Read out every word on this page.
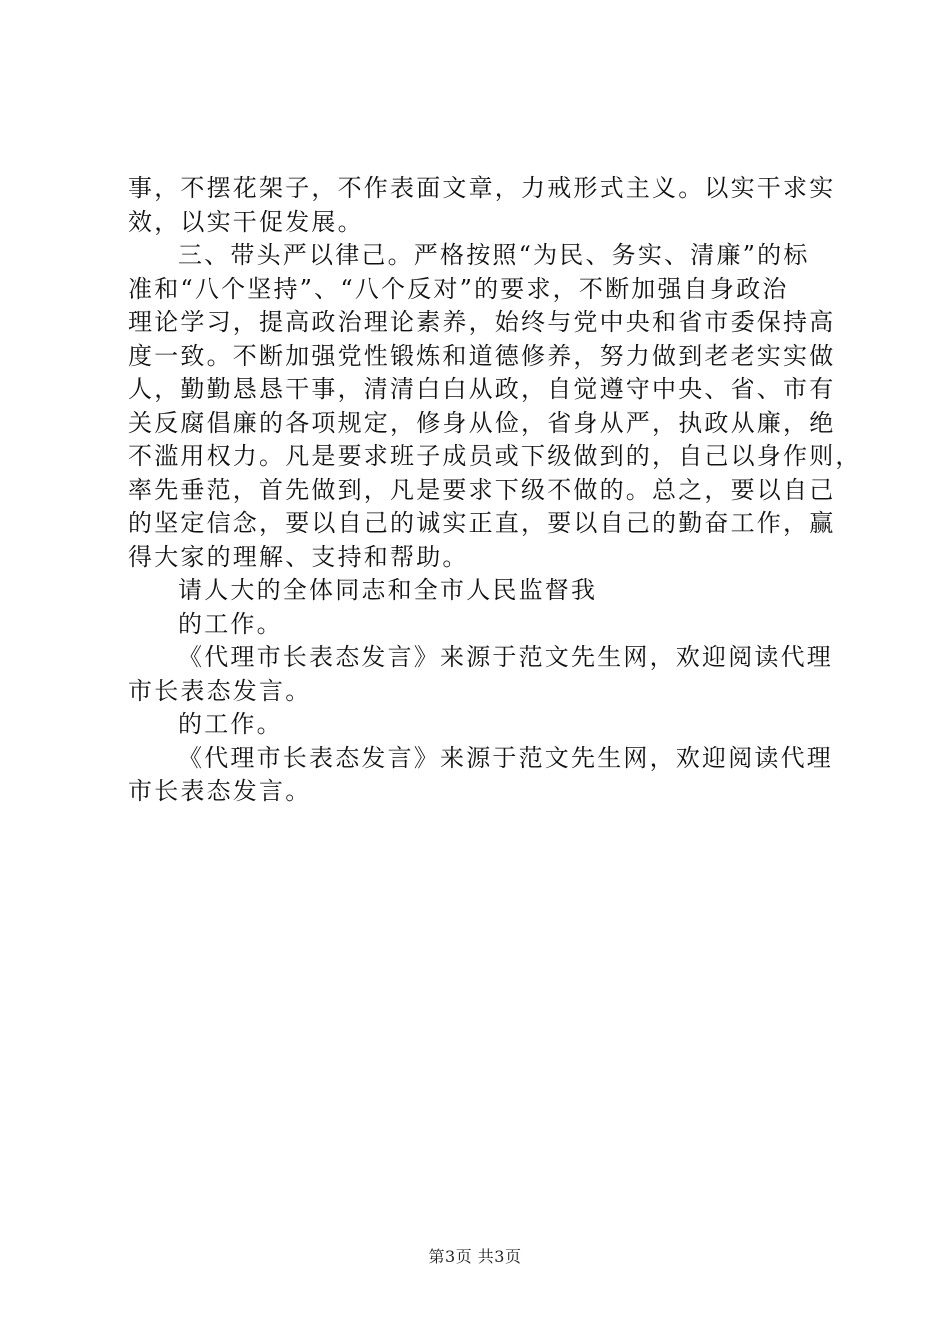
事，不摆花架子，不作表面文章，力戒形式主义。以实干求实
效，以实干促发展。
三、带头严以律己。严格按照“为民、务实、清廉”的标
准和“八个坚持”、“八个反对”的要求，不断加强自身政治
理论学习，提高政治理论素养，始终与党中央和省市委保持高
度一致。不断加强党性锻炼和道德修养，努力做到老老实实做
人，勤勤恳恳干事，清清白白从政，自觉遵守中央、省、市有
关反腐倡廉的各项规定，修身从俭，省身从严，执政从廉，绝
不滥用权力。凡是要求班子成员或下级做到的，自己以身作则，
率先垂范，首先做到，凡是要求下级不做的。总之，要以自己
的坚定信念，要以自己的诚实正直，要以自己的勤奋工作，赢
得大家的理解、支持和帮助。
请人大的全体同志和全市人民监督我
的工作。
《代理市长表态发言》来源于范文先生网，欢迎阅读代理
市长表态发言。
的工作。
《代理市长表态发言》来源于范文先生网，欢迎阅读代理
市长表态发言。
第3页 共3页
